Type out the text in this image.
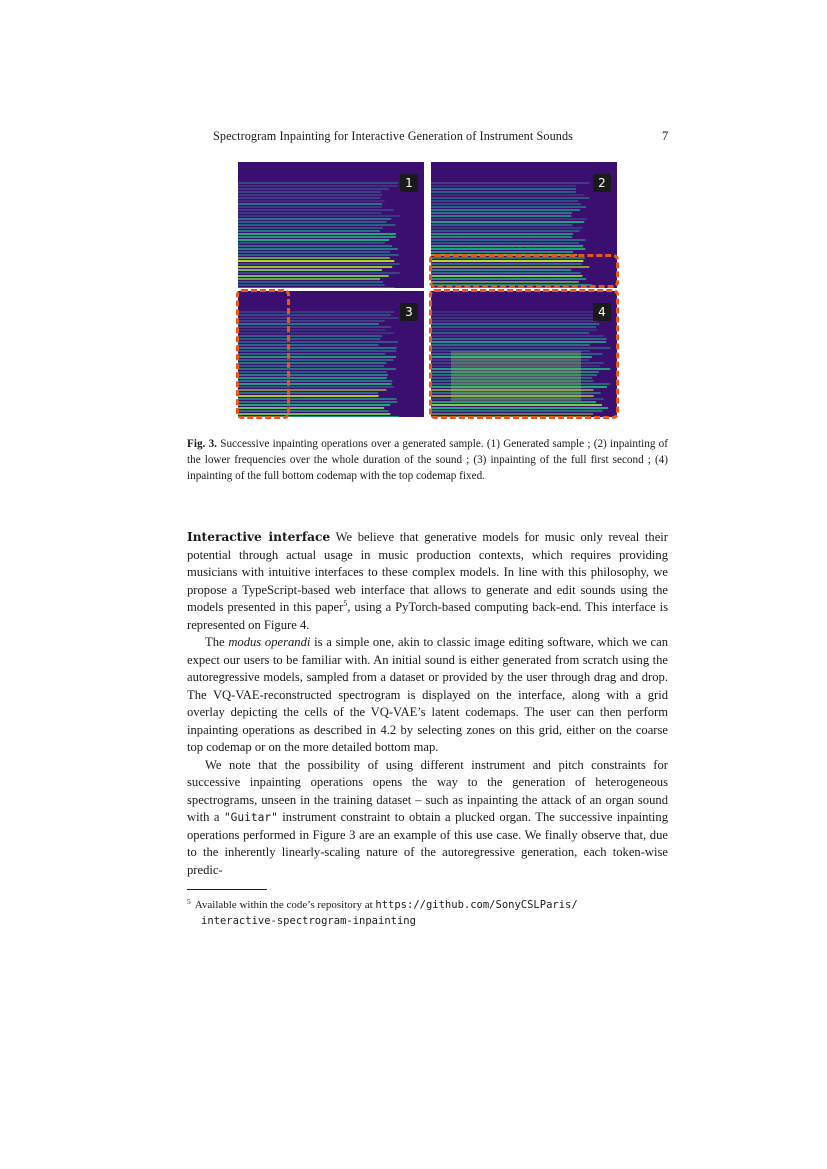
Spectrogram Inpainting for Interactive Generation of Instrument Sounds	7
1	2
3	4
Fig. 3. Successive inpainting operations over a generated sample. (1) Generated sample ; (2) inpainting of the lower frequencies over the whole duration of the sound ; (3) inpainting of the full first second ; (4) inpainting of the full bottom codemap with the top codemap fixed.

Interactive interface We believe that generative models for music only reveal their potential through actual usage in music production contexts, which requires providing musicians with intuitive interfaces to these complex models. In line with this philosophy, we propose a TypeScript-based web interface that allows to generate and edit sounds using the models presented in this paper$^5$, using a PyTorch-based computing back-end. This interface is represented on Figure 4.

The modus operandi is a simple one, akin to classic image editing software, which we can expect our users to be familiar with. An initial sound is either generated from scratch using the autoregressive models, sampled from a dataset or provided by the user through drag and drop. The VQ-VAE-reconstructed spectrogram is displayed on the interface, along with a grid overlay depicting the cells of the VQ-VAE’s latent codemaps. The user can then perform inpainting operations as described in 4.2 by selecting zones on this grid, either on the coarse top codemap or on the more detailed bottom map.

We note that the possibility of using different instrument and pitch constraints for successive inpainting operations opens the way to the generation of heterogeneous spectrograms, unseen in the training dataset – such as inpainting the attack of an organ sound with a "Guitar" instrument constraint to obtain a plucked organ. The successive inpainting operations performed in Figure 3 are an example of this use case. We finally observe that, due to the inherently linearly-scaling nature of the autoregressive generation, each token-wise predic-

$^5$ Available within the code’s repository at https://github.com/SonyCSLParis/
interactive-spectrogram-inpainting
